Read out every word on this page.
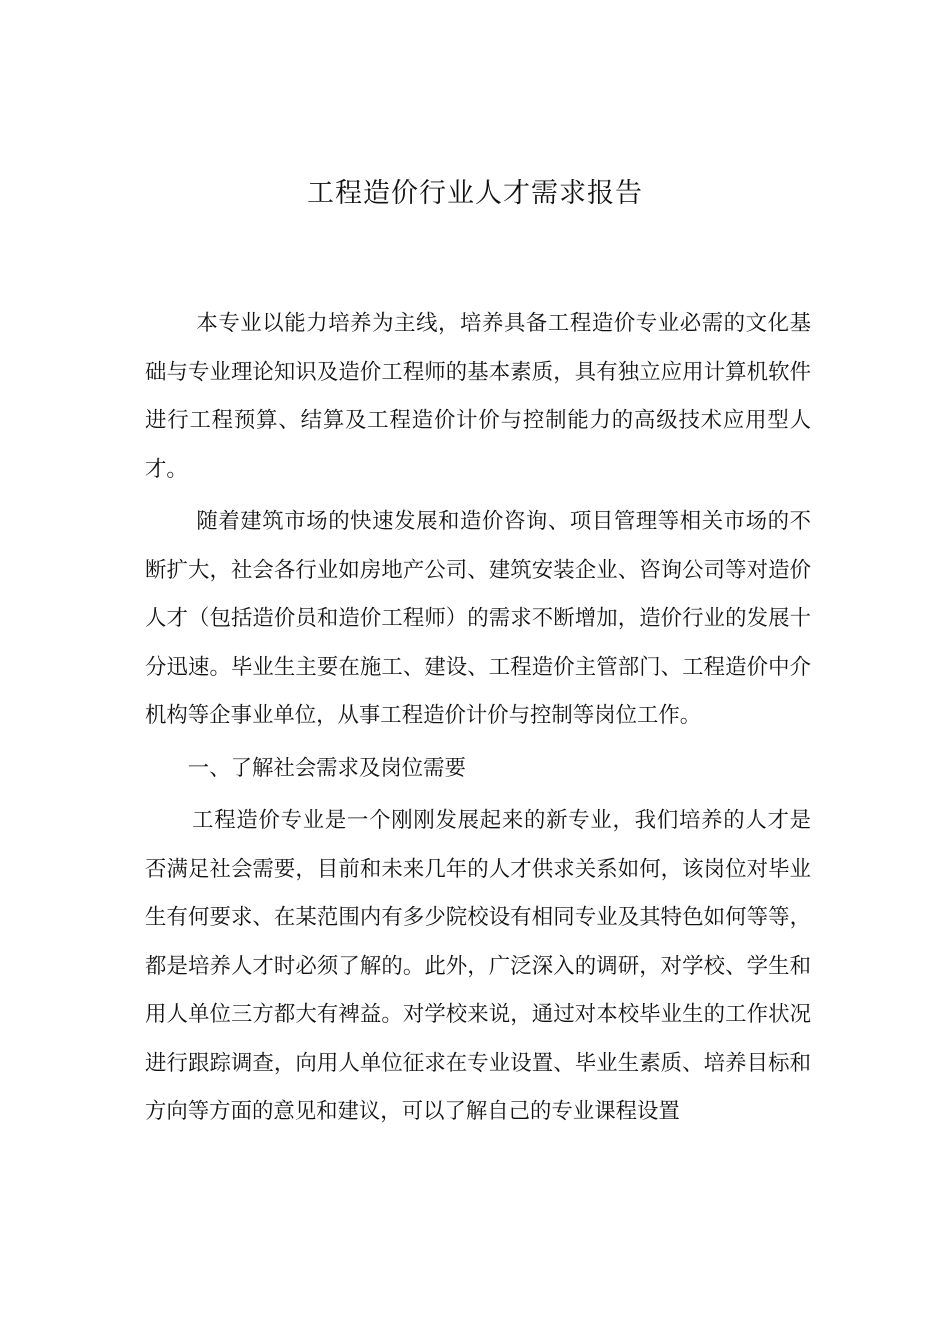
工程造价行业人才需求报告

本专业以能力培养为主线，培养具备工程造价专业必需的文化基础与专业理论知识及造价工程师的基本素质，具有独立应用计算机软件进行工程预算、结算及工程造价计价与控制能力的高级技术应用型人才。

随着建筑市场的快速发展和造价咨询、项目管理等相关市场的不断扩大，社会各行业如房地产公司、建筑安装企业、咨询公司等对造价人才（包括造价员和造价工程师）的需求不断增加，造价行业的发展十分迅速。毕业生主要在施工、建设、工程造价主管部门、工程造价中介机构等企事业单位，从事工程造价计价与控制等岗位工作。

一、了解社会需求及岗位需要

工程造价专业是一个刚刚发展起来的新专业，我们培养的人才是否满足社会需要，目前和未来几年的人才供求关系如何，该岗位对毕业生有何要求、在某范围内有多少院校设有相同专业及其特色如何等等，都是培养人才时必须了解的。此外，广泛深入的调研，对学校、学生和用人单位三方都大有裨益。对学校来说，通过对本校毕业生的工作状况进行跟踪调查，向用人单位征求在专业设置、毕业生素质、培养目标和方向等方面的意见和建议，可以了解自己的专业课程设置
